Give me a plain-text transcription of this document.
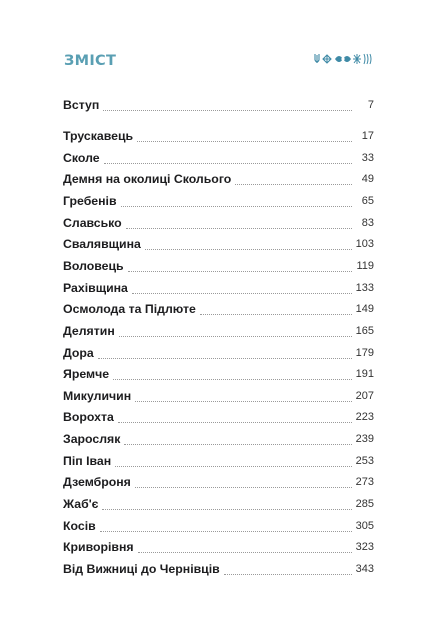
ЗМІСТ
Вступ	7
Трускавець	17
Сколе	33
Демня на околиці Сколього	49
Гребенів	65
Славсько	83
Свалявщина	103
Воловець	119
Рахівщина	133
Осмолода та Підлюте	149
Делятин	165
Дора	179
Яремче	191
Микуличин	207
Ворохта	223
Заросляк	239
Піп Іван	253
Дземброня	273
Жаб'є	285
Косів	305
Криворівня	323
Від Вижниці до Чернівців	343
